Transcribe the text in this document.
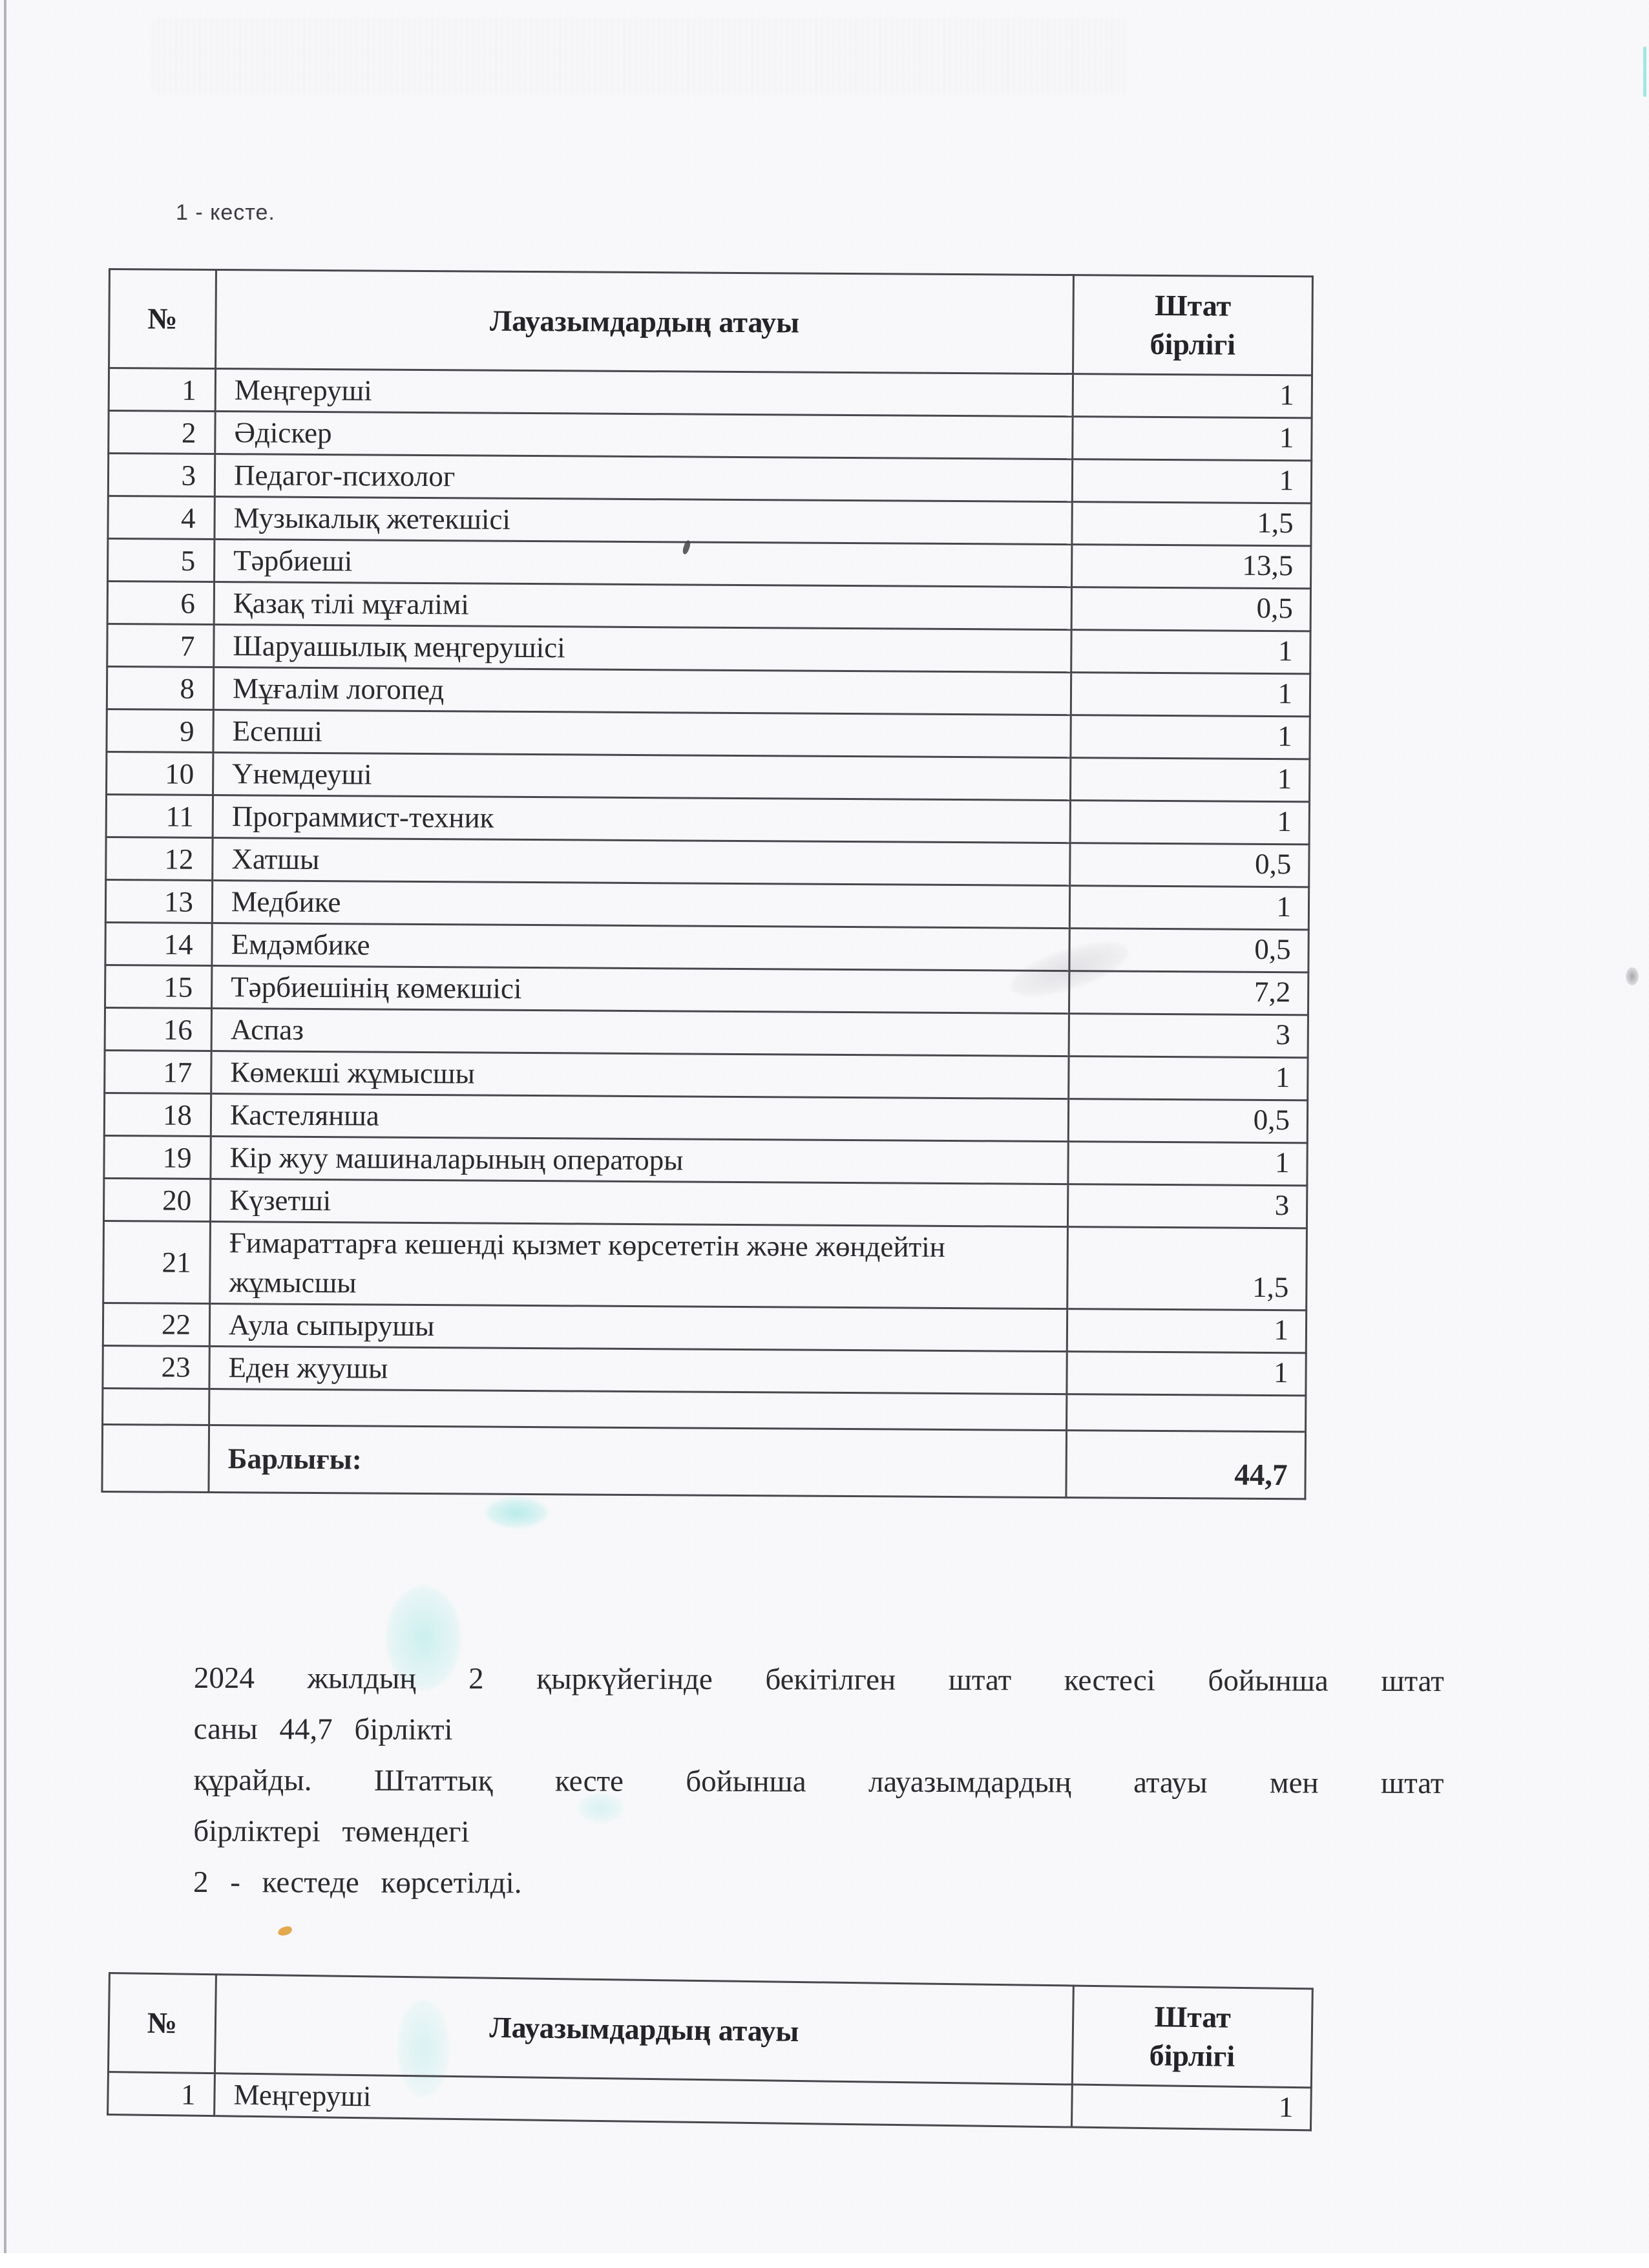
1 - кесте.
№	Лауазымдардың атауы	Штат бірлігі
1	Меңгеруші	1
2	Әдіскер	1
3	Педагог-психолог	1
4	Музыкалық жетекшісі	1,5
5	Тәрбиеші	13,5
6	Қазақ тілі мұғалімі	0,5
7	Шаруашылық меңгерушісі	1
8	Мұғалім логопед	1
9	Есепші	1
10	Үнемдеуші	1
11	Программист-техник	1
12	Хатшы	0,5
13	Медбике	1
14	Емдәмбике	0,5
15	Тәрбиешінің көмекшісі	7,2
16	Аспаз	3
17	Көмекші жұмысшы	1
18	Кастелянша	0,5
19	Кір жуу машиналарының операторы	1
20	Күзетші	3
21	Ғимараттарға кешенді қызмет көрсететін және жөндейтін жұмысшы	1,5
22	Аула сыпырушы	1
23	Еден жуушы	1

	Барлығы:	44,7
2024 жылдың 2 қыркүйегінде бекітілген штат кестесі бойынша штат
саны 44,7 бірлікті
құрайды. Штаттық кесте бойынша лауазымдардың атауы мен штат
бірліктері төмендегі
2 - кестеде көрсетілді.
№	Лауазымдардың атауы	Штат бірлігі
1	Меңгеруші	1
